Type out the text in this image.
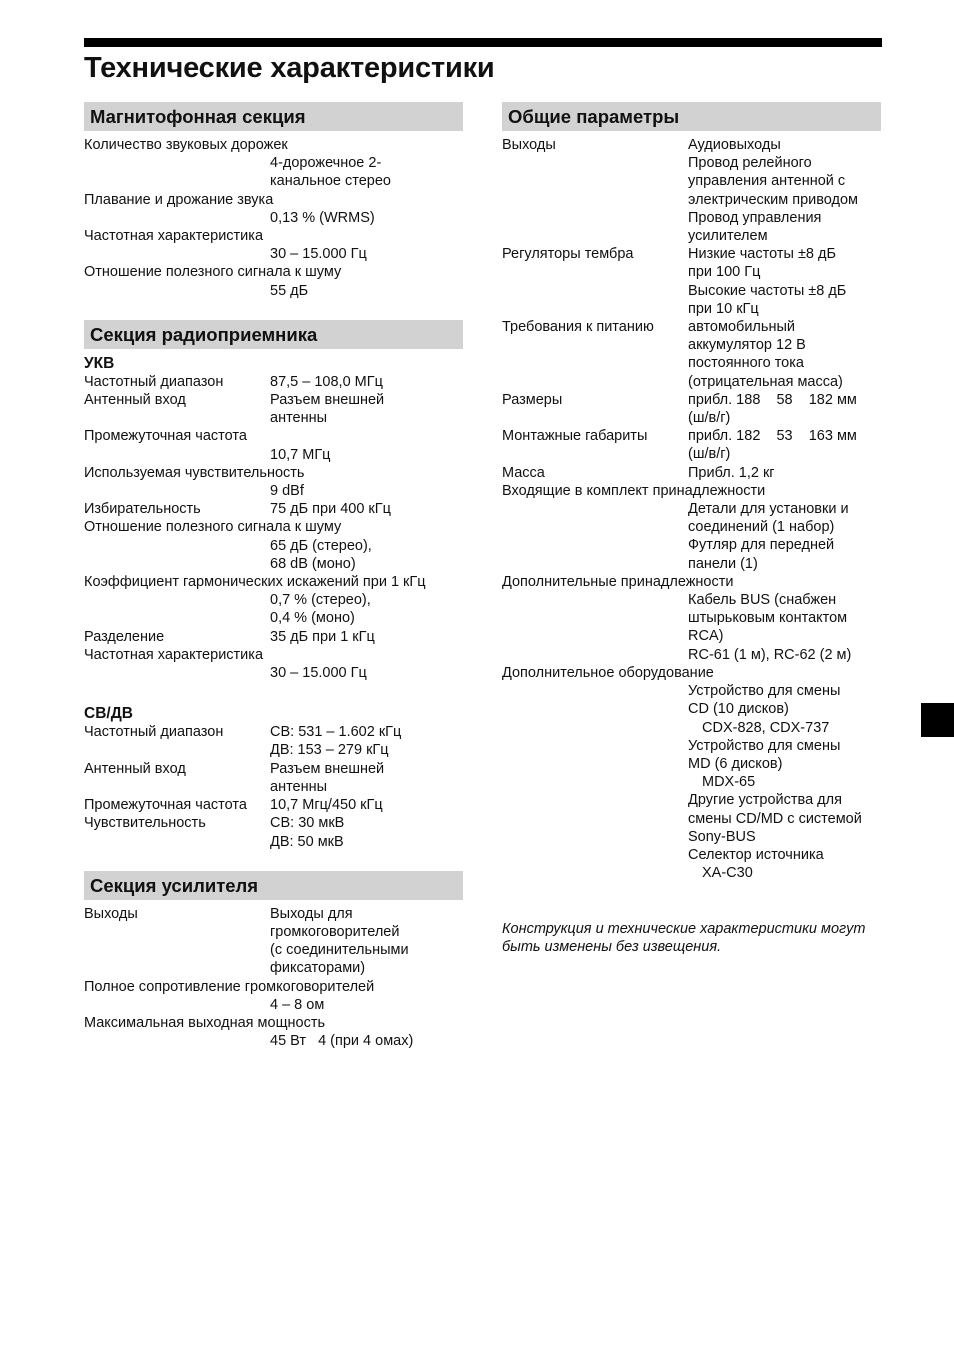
Технические характеристики
Магнитофонная секция
Количество звуковых дорожек
4-дорожечное 2-
канальное стерео
Плавание и дрожание звука
0,13 % (WRMS)
Частотная характеристика
30 – 15.000 Гц
Отношение полезного сигнала к шуму
55 дБ
Секция радиоприемника
УКВ
Частотный диапазон	87,5 – 108,0 МГц
Антенный вход	Разъем внешней
антенны
Промежуточная частота
10,7 МГц
Используемая чувствительность
9 dBf
Избирательность	75 дБ при 400 кГц
Отношение полезного сигнала к шуму
65 дБ (стерео),
68 dB (моно)
Коэффициент гармонических искажений при 1 кГц
0,7 % (стерео),
0,4 % (моно)
Разделение	35 дБ при 1 кГц
Частотная характеристика
30 – 15.000 Гц
СВ/ДВ
Частотный диапазон	СВ: 531 – 1.602 кГц
ДВ: 153 – 279 кГц
Антенный вход	Разъем внешней
антенны
Промежуточная частота	10,7 Мгц/450 кГц
Чувствительность	СВ: 30 мкВ
ДВ: 50 мкВ
Секция усилителя
Выходы	Выходы для
громкоговорителей
(с соединительными
фиксаторами)
Полное сопротивление громкоговорителей
4 – 8 ом
Максимальная выходная мощность
45 Вт   4 (при 4 омах)
Общие параметры
Выходы	Аудиовыходы
Провод релейного
управления антенной с
электрическим приводом
Провод управления
усилителем
Регуляторы тембра	Низкие частоты ±8 дБ
при 100 Гц
Высокие частоты ±8 дБ
при 10 кГц
Требования к питанию	автомобильный
аккумулятор 12 В
постоянного тока
(отрицательная масса)
Размеры	прибл. 188    58    182 мм
(ш/в/г)
Монтажные габариты	прибл. 182    53    163 мм
(ш/в/г)
Масса	Прибл. 1,2 кг
Входящие в комплект принадлежности
Детали для установки и
соединений (1 набор)
Футляр для передней
панели (1)
Дополнительные принадлежности
Кабель BUS (снабжен
штырьковым контактом
RCA)
RC-61 (1 м), RC-62 (2 м)
Дополнительное оборудование
Устройство для смены
CD (10 дисков)
CDX-828, CDX-737
Устройство для смены
MD (6 дисков)
MDX-65
Другие устройства для
смены CD/MD с системой
Sony-BUS
Селектор источника
XA-C30
Конструкция и технические характеристики могут быть изменены без извещения.
